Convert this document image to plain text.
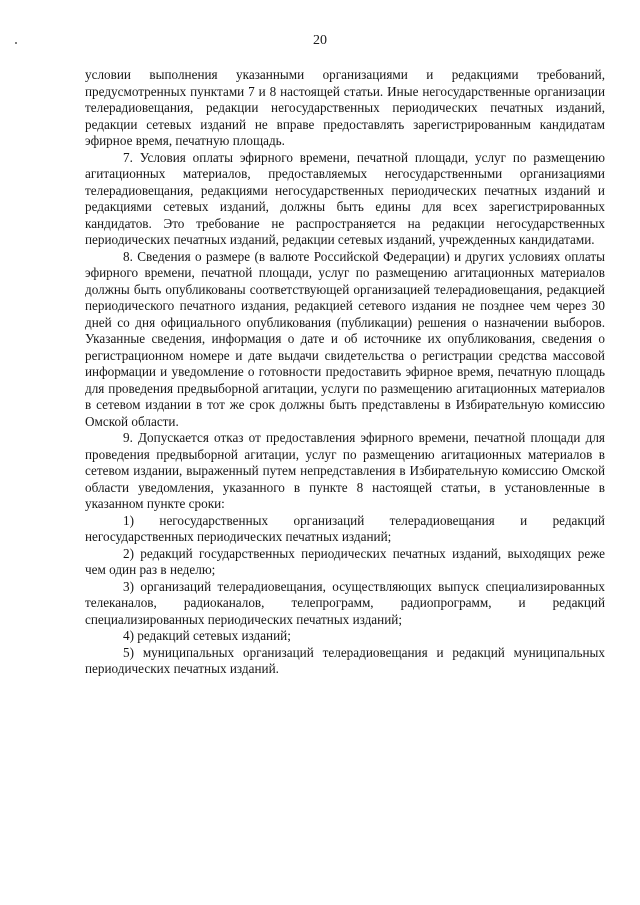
20

условии выполнения указанными организациями и редакциями требований, предусмотренных пунктами 7 и 8 настоящей статьи. Иные негосударственные организации телерадиовещания, редакции негосударственных периодических печатных изданий, редакции сетевых изданий не вправе предоставлять зарегистрированным кандидатам эфирное время, печатную площадь.

7. Условия оплаты эфирного времени, печатной площади, услуг по размещению агитационных материалов, предоставляемых негосударственными организациями телерадиовещания, редакциями негосударственных периодических печатных изданий и редакциями сетевых изданий, должны быть едины для всех зарегистрированных кандидатов. Это требование не распространяется на редакции негосударственных периодических печатных изданий, редакции сетевых изданий, учрежденных кандидатами.

8. Сведения о размере (в валюте Российской Федерации) и других условиях оплаты эфирного времени, печатной площади, услуг по размещению агитационных материалов должны быть опубликованы соответствующей организацией телерадиовещания, редакцией периодического печатного издания, редакцией сетевого издания не позднее чем через 30 дней со дня официального опубликования (публикации) решения о назначении выборов. Указанные сведения, информация о дате и об источнике их опубликования, сведения о регистрационном номере и дате выдачи свидетельства о регистрации средства массовой информации и уведомление о готовности предоставить эфирное время, печатную площадь для проведения предвыборной агитации, услуги по размещению агитационных материалов в сетевом издании в тот же срок должны быть представлены в Избирательную комиссию Омской области.

9. Допускается отказ от предоставления эфирного времени, печатной площади для проведения предвыборной агитации, услуг по размещению агитационных материалов в сетевом издании, выраженный путем непредставления в Избирательную комиссию Омской области уведомления, указанного в пункте 8 настоящей статьи, в установленные в указанном пункте сроки:

1) негосударственных организаций телерадиовещания и редакций негосударственных периодических печатных изданий;

2) редакций государственных периодических печатных изданий, выходящих реже чем один раз в неделю;

3) организаций телерадиовещания, осуществляющих выпуск специализированных телеканалов, радиоканалов, телепрограмм, радиопрограмм, и редакций специализированных периодических печатных изданий;

4) редакций сетевых изданий;

5) муниципальных организаций телерадиовещания и редакций муниципальных периодических печатных изданий.
